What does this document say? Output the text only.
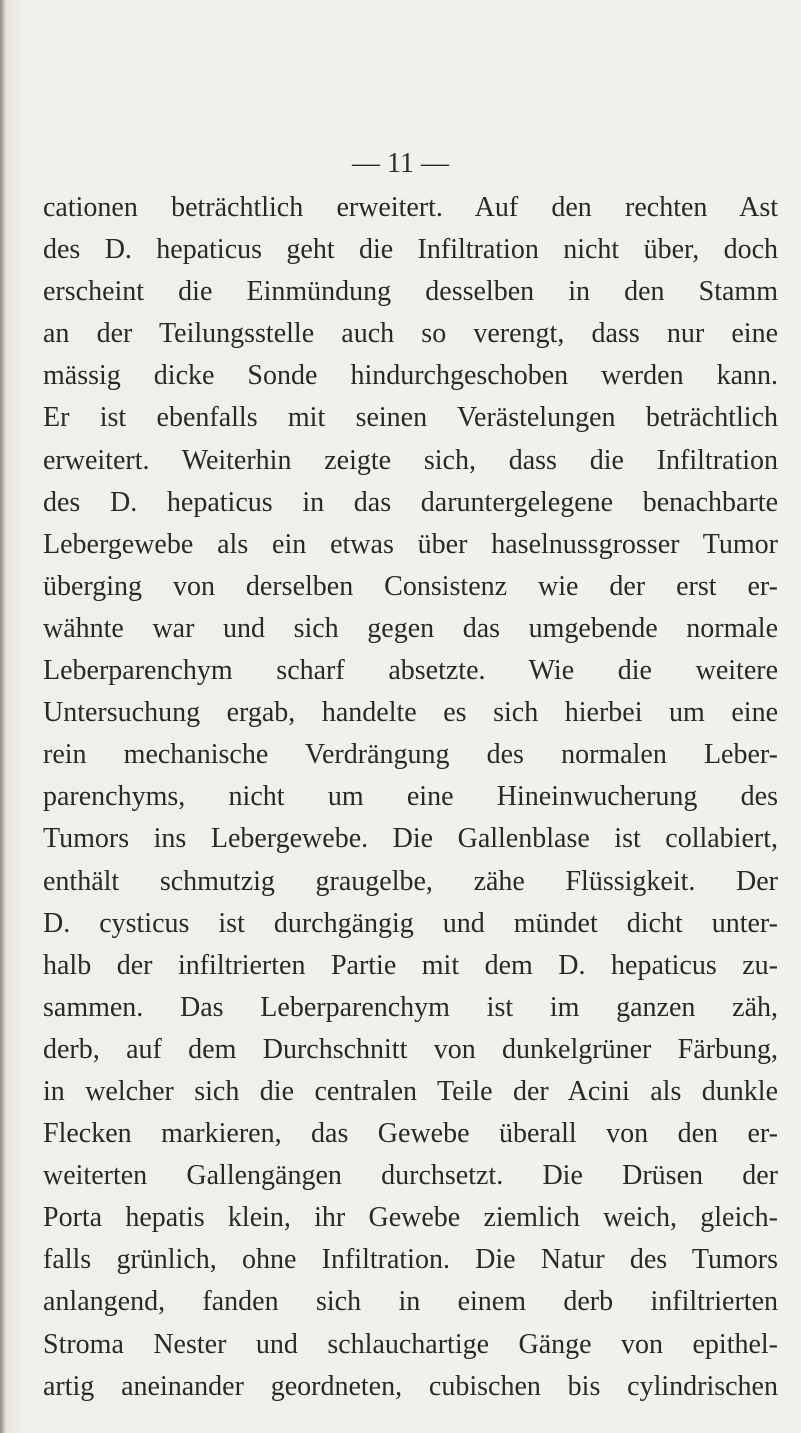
— 11 —
cationen beträchtlich erweitert. Auf den rechten Ast
des D. hepaticus geht die Infiltration nicht über, doch
erscheint die Einmündung desselben in den Stamm
an der Teilungsstelle auch so verengt, dass nur eine
mässig dicke Sonde hindurchgeschoben werden kann.
Er ist ebenfalls mit seinen Verästelungen beträchtlich
erweitert. Weiterhin zeigte sich, dass die Infiltration
des D. hepaticus in das daruntergelegene benachbarte
Lebergewebe als ein etwas über haselnussgrosser Tumor
überging von derselben Consistenz wie der erst er-
wähnte war und sich gegen das umgebende normale
Leberparenchym scharf absetzte. Wie die weitere
Untersuchung ergab, handelte es sich hierbei um eine
rein mechanische Verdrängung des normalen Leber-
parenchyms, nicht um eine Hineinwucherung des
Tumors ins Lebergewebe. Die Gallenblase ist collabiert,
enthält schmutzig graugelbe, zähe Flüssigkeit. Der
D. cysticus ist durchgängig und mündet dicht unter-
halb der infiltrierten Partie mit dem D. hepaticus zu-
sammen. Das Leberparenchym ist im ganzen zäh,
derb, auf dem Durchschnitt von dunkelgrüner Färbung,
in welcher sich die centralen Teile der Acini als dunkle
Flecken markieren, das Gewebe überall von den er-
weiterten Gallengängen durchsetzt. Die Drüsen der
Porta hepatis klein, ihr Gewebe ziemlich weich, gleich-
falls grünlich, ohne Infiltration. Die Natur des Tumors
anlangend, fanden sich in einem derb infiltrierten
Stroma Nester und schlauchartige Gänge von epithel-
artig aneinander geordneten, cubischen bis cylindrischen
